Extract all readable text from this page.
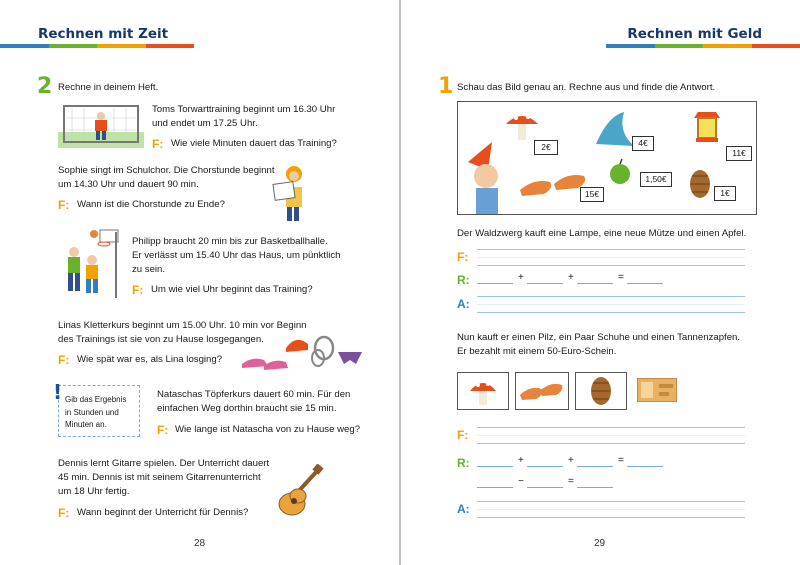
Rechnen mit Zeit
2 Rechne in deinem Heft.
Toms Torwarttraining beginnt um 16.30 Uhr
und endet um 17.25 Uhr.
F: Wie viele Minuten dauert das Training?
Sophie singt im Schulchor. Die Chorstunde beginnt
um 14.30 Uhr und dauert 90 min.
F: Wann ist die Chorstunde zu Ende?
Philipp braucht 20 min bis zur Basketballhalle.
Er verlässt um 15.40 Uhr das Haus, um pünktlich
zu sein.
F: Um wie viel Uhr beginnt das Training?
Linas Kletterkurs beginnt um 15.00 Uhr. 10 min vor Beginn
des Trainings ist sie von zu Hause losgegangen.
F: Wie spät war es, als Lina losging?
! Gib das Ergebnis
in Stunden und
Minuten an.
Nataschas Töpferkurs dauert 60 min. Für den
einfachen Weg dorthin braucht sie 15 min.
F: Wie lange ist Natascha von zu Hause weg?
Dennis lernt Gitarre spielen. Der Unterricht dauert
45 min. Dennis ist mit seinem Gitarrenunterricht
um 18 Uhr fertig.
F: Wann beginnt der Unterricht für Dennis?
28
Rechnen mit Geld
1 Schau das Bild genau an. Rechne aus und finde die Antwort.
2€	4€
11€
15€
1,50€
1€
Der Waldzwerg kauft eine Lampe, eine neue Mütze und einen Apfel.
F:
R:	+	+	=
A:
Nun kauft er einen Pilz, ein Paar Schuhe und einen Tannenzapfen.
Er bezahlt mit einem 50-Euro-Schein.
F:
R:	+	+	=
−	=
A:
29
